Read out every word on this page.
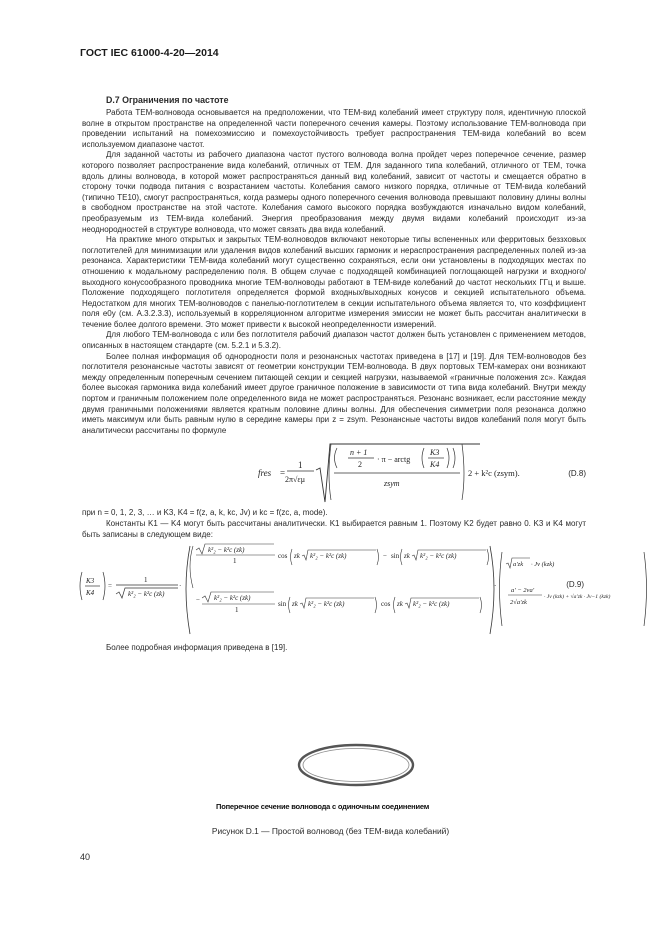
ГОСТ IEC 61000-4-20—2014
D.7 Ограничения по частоте

Работа ТЕМ-волновода основывается на предположении, что ТЕМ-вид колебаний имеет структуру поля, идентичную плоской волне в открытом пространстве на определенной части поперечного сечения камеры. Поэтому использование ТЕМ-волновода при проведении испытаний на помехоэмиссию и помехоустойчивость требует распространения ТЕМ-вида колебаний во всем используемом диапазоне частот.

Для заданной частоты из рабочего диапазона частот пустого волновода волна пройдет через поперечное сечение, размер которого позволяет распространение вида колебаний, отличных от ТЕМ. Для заданного типа колебаний, отличного от ТЕМ, точка вдоль длины волновода, в которой может распространяться данный вид колебаний, зависит от частоты и смещается обратно в сторону точки подвода питания с возрастанием частоты. Колебания самого низкого порядка, отличные от ТЕМ-вида колебаний (типично TE10), смогут распространяться, когда размеры одного поперечного сечения волновода превышают половину длины волны в свободном пространстве на этой частоте. Колебания самого высокого порядка возбуждаются изначально видом колебаний, преобразуемым из ТЕМ-вида колебаний. Энергия преобразования между двумя видами колебаний происходит из-за неоднородностей в структуре волновода, что может связать два вида колебаний.

На практике много открытых и закрытых ТЕМ-волноводов включают некоторые типы вспененных или ферритовых беззховых поглотителей для минимизации или удаления видов колебаний высших гармоник и нераспространения распределенных полей из-за резонанса. Характеристики ТЕМ-вида колебаний могут существенно сохраняться, если они установлены в подходящих местах по отношению к модальному распределению поля. В общем случае с подходящей комбинацией поглощающей нагрузки и входного/выходного конусообразного проводника многие ТЕМ-волноводы работают в ТЕМ-виде колебаний до частот нескольких ГГц и выше. Положение подходящего поглотителя определяется формой входных/выходных конусов и секцией испытательного объема. Недостатком для многих ТЕМ-волноводов с панелью-поглотителем в секции испытательного объема является то, что коэффициент поля e0y (см. А.3.2.3.3), используемый в корреляционном алгоритме измерения эмиссии не может быть рассчитан аналитически в течение более долгого времени. Это может привести к высокой неопределенности измерений.

Для любого ТЕМ-волновода с или без поглотителя рабочий диапазон частот должен быть установлен с применением методов, описанных в настоящем стандарте (см. 5.2.1 и 5.3.2).

Более полная информация об однородности поля и резонансных частотах приведена в [17] и [19]. Для ТЕМ-волноводов без поглотителя резонансные частоты зависят от геометрии конструкции ТЕМ-волновода. В двух портовых ТЕМ-камерах они возникают между определенным поперечным сечением питающей секции и секцией нагрузки, называемой «граничные положения zc». Каждая более высокая гармоника вида колебаний имеет другое граничное положение в зависимости от типа вида колебаний. Внутри между портом и граничным положением поле определенного вида не может распространяться. Резонанс возникает, если расстояние между двумя граничными положениями является кратным половине длины волны. Для обеспечения симметрии поля резонанса должно иметь максимум или быть равным нулю в середине камеры при z = zsym. Резонансные частоты видов колебаний поля могут быть аналитически рассчитаны по формуле

fres =
1
2π√εμ
n + 1
2
· π − arctg
K3
K4
zsym
2 + k²c (zsym).	(D.8)

при n = 0, 1, 2, 3, … и K3, K4 = f(z, a, k, kc, Jv) и kc = f(zc, a, mode).

Константы K1 — K4 могут быть рассчитаны аналитически. K1 выбирается равным 1. Поэтому K2 будет равно 0. K3 и K4 могут быть записаны в следующем виде:

K3
K4
=
1
k²₂ − k²c (zk)
·
k²₂ − k²c (zk)
1
cos zk k²₂ − k²c (zk)	− sin zk k²₂ − k²c (zk)
− k²₂ − k²c (zk)
1
sin zk k²₂ − k²c (zk)	cos zk k²₂ − k²c (zk)
·
a′zk · Jv (kzk)
a′ − 2va′
2√a′zk
· Jv (kzk) + √a′zk · Jv−1 (kzk)
(D.9)

Более подробная информация приведена в [19].

Поперечное сечение волновода с одиночным соединением
Рисунок D.1 — Простой волновод (без ТЕМ-вида колебаний)
40
